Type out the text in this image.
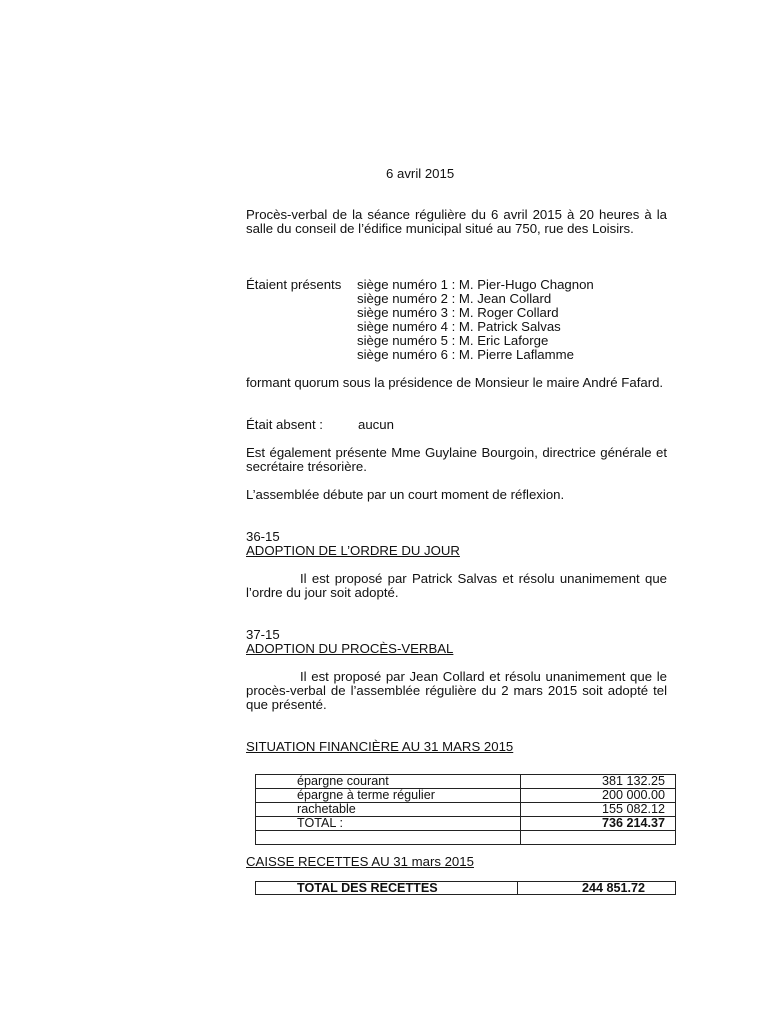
6 avril 2015
Procès-verbal de la séance régulière du 6 avril 2015 à 20 heures à la salle du conseil de l’édifice municipal situé au 750, rue des Loisirs.
Étaient présents siège numéro 1 : M. Pier-Hugo Chagnon
siège numéro 2 : M. Jean Collard
siège numéro 3 : M. Roger Collard
siège numéro 4 : M. Patrick Salvas
siège numéro 5 : M. Eric Laforge
siège numéro 6 : M. Pierre Laflamme
formant quorum sous la présidence de Monsieur le maire André Fafard.
Était absent :	aucun
Est également présente Mme Guylaine Bourgoin, directrice générale et secrétaire trésorière.
L’assemblée débute par un court moment de réflexion.
36-15
ADOPTION DE L’ORDRE DU JOUR
Il est proposé par Patrick Salvas et résolu unanimement que l’ordre du jour soit adopté.
37-15
ADOPTION DU PROCÈS-VERBAL
Il est proposé par Jean Collard et résolu unanimement que le procès-verbal de l’assemblée régulière du 2 mars 2015 soit adopté tel que présenté.
SITUATION FINANCIÈRE AU 31 MARS 2015
épargne courant	381 132.25
épargne à terme régulier	200 000.00
rachetable	155 082.12
TOTAL :	736 214.37

CAISSE RECETTES AU 31 mars 2015
TOTAL DES RECETTES	244 851.72
